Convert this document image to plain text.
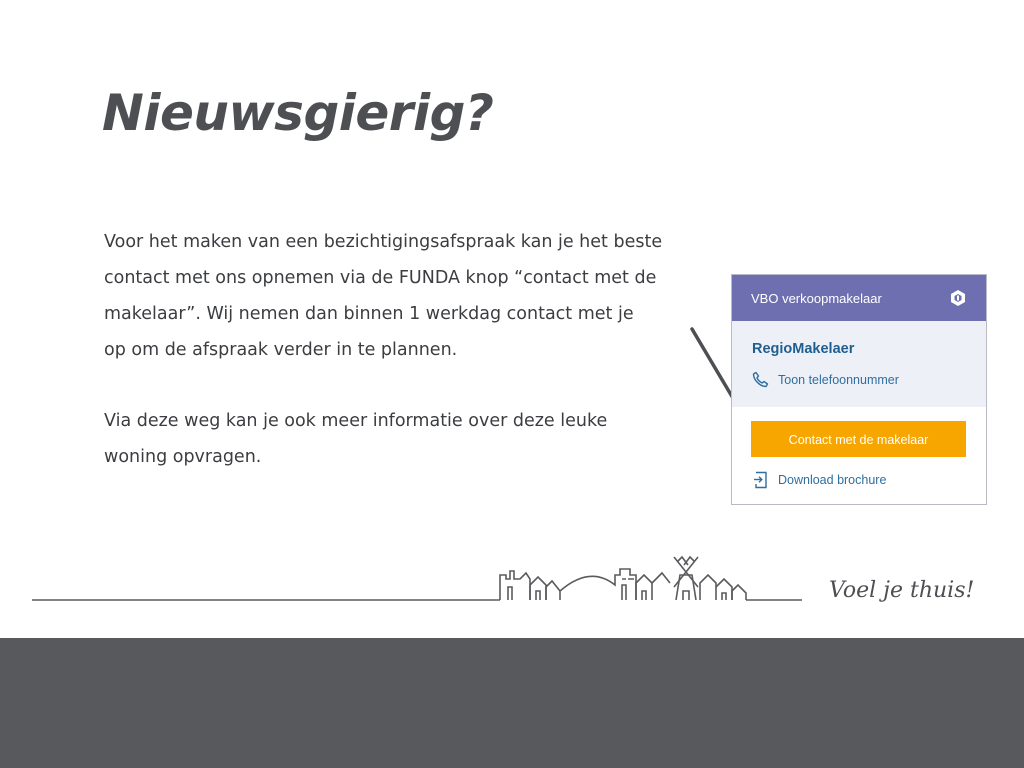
Nieuwsgierig?

Voor het maken van een bezichtigingsafspraak kan je het beste

contact met ons opnemen via de FUNDA knop “contact met de

makelaar”. Wij nemen dan binnen 1 werkdag contact met je

op om de afspraak verder in te plannen.

Via deze weg kan je ook meer informatie over deze leuke

woning opvragen.

VBO verkoopmakelaar
RegioMakelaer
Toon telefoonnummer
Contact met de makelaar
Download brochure
Voel je thuis!
